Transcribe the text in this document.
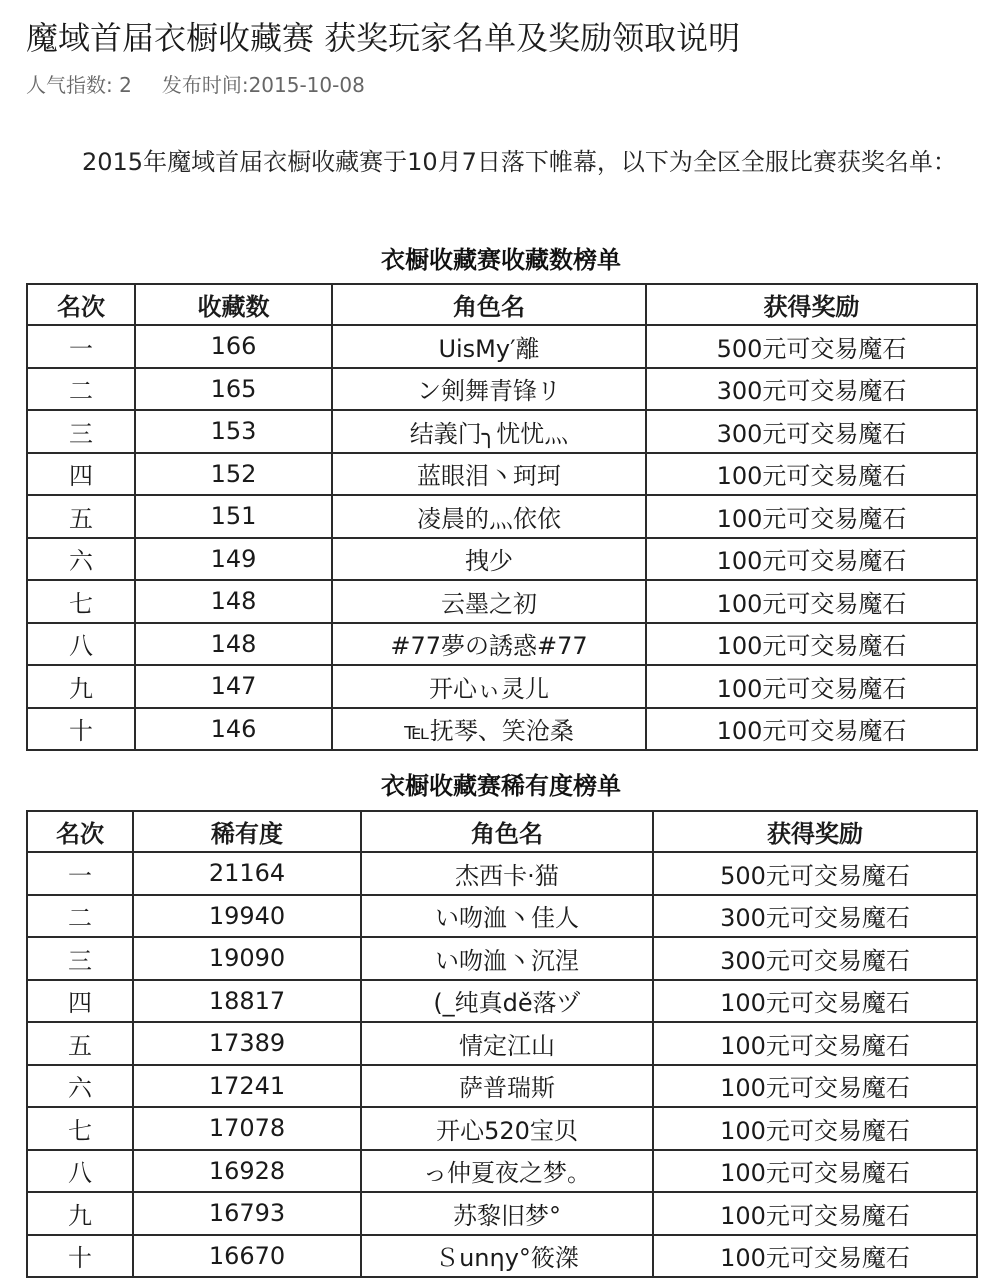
魔域首届衣橱收藏赛 获奖玩家名单及奖励领取说明
人气指数: 2 发布时间:2015-10-08
2015年魔域首届衣橱收藏赛于10月7日落下帷幕，以下为全区全服比赛获奖名单：
衣橱收藏赛收藏数榜单
名次	收藏数	角色名	获得奖励
一	166	UisMy′離	500元可交易魔石
二	165	ン剣舞青锋リ	300元可交易魔石
三	153	结義门╮忧忧灬	300元可交易魔石
四	152	蓝眼泪丶珂珂	100元可交易魔石
五	151	凌晨的灬依依	100元可交易魔石
六	149	拽少	100元可交易魔石
七	148	云墨之初	100元可交易魔石
八	148	#77夢の誘惑#77	100元可交易魔石
九	147	开心ぃ灵儿	100元可交易魔石
十	146	℡抚琴、笑沧桑	100元可交易魔石
衣橱收藏赛稀有度榜单
名次	稀有度	角色名	获得奖励
一	21164	杰西卡·猫	500元可交易魔石
二	19940	い吻洫丶佳人	300元可交易魔石
三	19090	い吻洫丶沉涅	300元可交易魔石
四	18817	(_纯真dě落ヅ	100元可交易魔石
五	17389	情定江山	100元可交易魔石
六	17241	萨普瑞斯	100元可交易魔石
七	17078	开心520宝贝	100元可交易魔石
八	16928	っ仲夏夜之梦。	100元可交易魔石
九	16793	苏黎旧梦°	100元可交易魔石
十	16670	Ｓunηy°筱滐	100元可交易魔石
